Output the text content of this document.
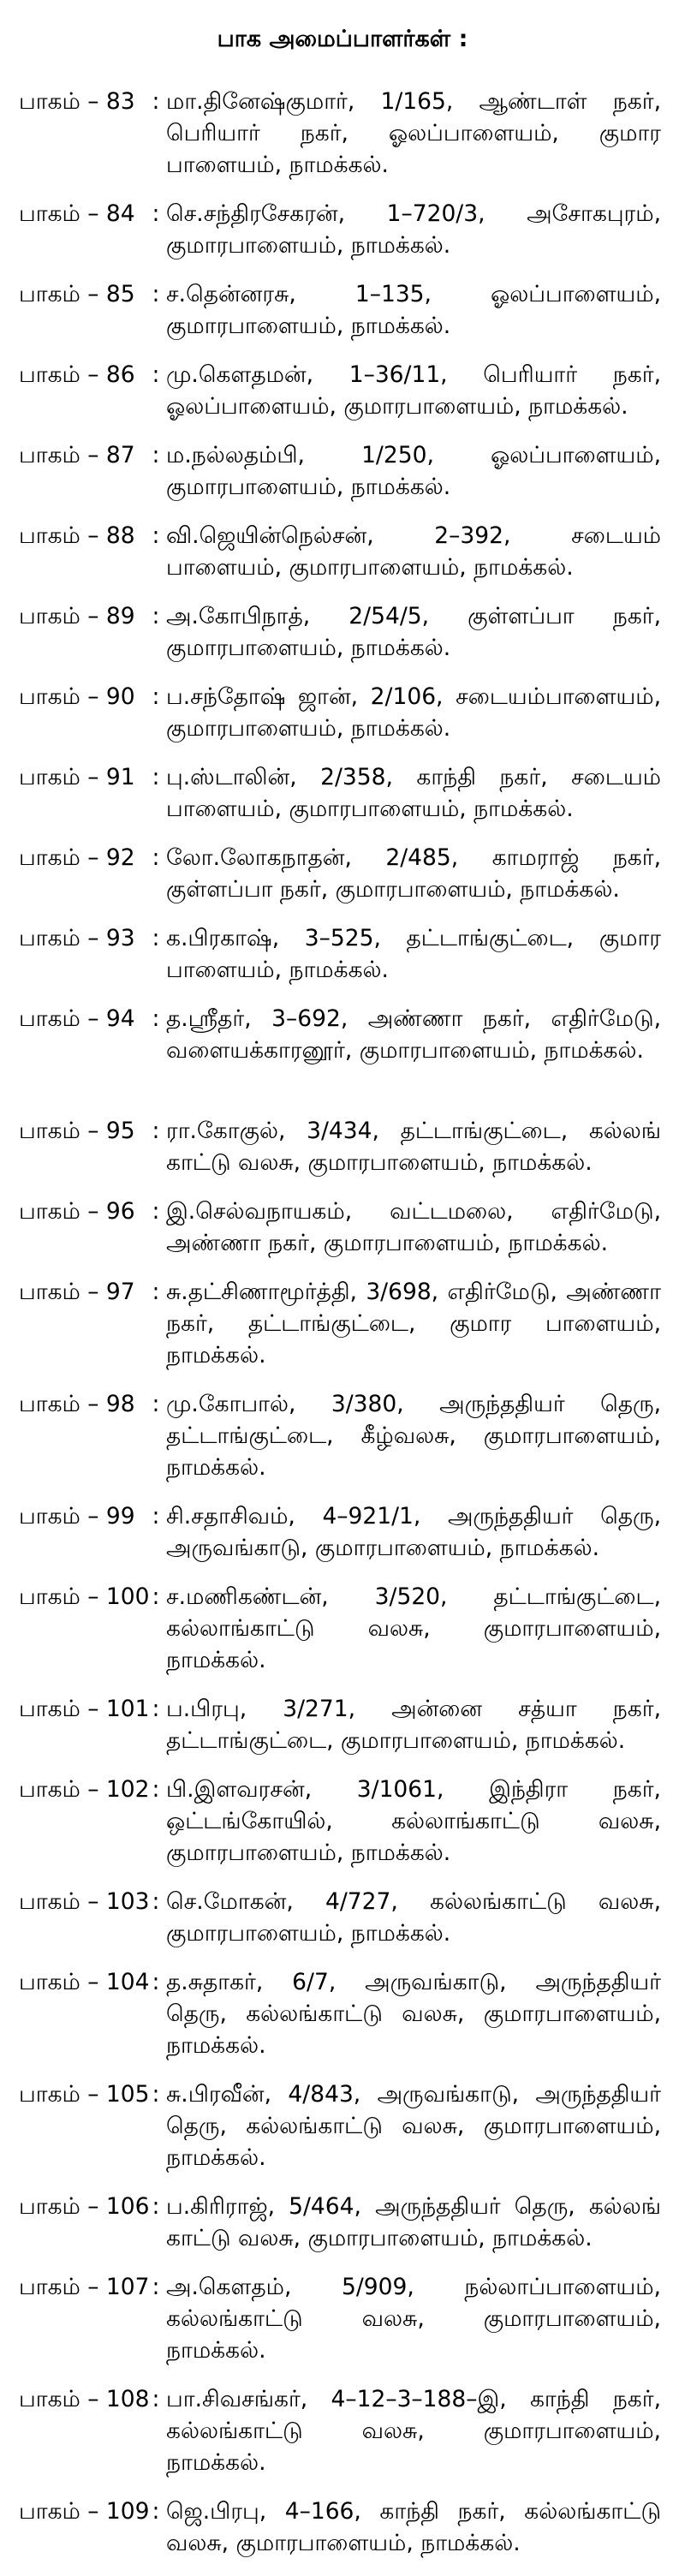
பாக அமைப்பாளர்கள் :
பாகம் – 83 : மா.தினேஷ்குமார், 1/165, ஆண்டாள் நகர், பெரியார் நகர், ஓலப்பாளையம், குமார பாளையம், நாமக்கல்.
பாகம் – 84 : செ.சந்திரசேகரன், 1–720/3, அசோகபுரம், குமாரபாளையம், நாமக்கல்.
பாகம் – 85 : ச.தென்னரசு, 1–135, ஓலப்பாளையம், குமாரபாளையம், நாமக்கல்.
பாகம் – 86 : மு.கௌதமன், 1–36/11, பெரியார் நகர், ஓலப்பாளையம், குமாரபாளையம், நாமக்கல்.
பாகம் – 87 : ம.நல்லதம்பி, 1/250, ஓலப்பாளையம், குமாரபாளையம், நாமக்கல்.
பாகம் – 88 : வி.ஜெயின்நெல்சன், 2–392, சடையம் பாளையம், குமாரபாளையம், நாமக்கல்.
பாகம் – 89 : அ.கோபிநாத், 2/54/5, குள்ளப்பா நகர், குமாரபாளையம், நாமக்கல்.
பாகம் – 90 : ப.சந்தோஷ் ஜான், 2/106, சடையம்பாளையம், குமாரபாளையம், நாமக்கல்.
பாகம் – 91 : பு.ஸ்டாலின், 2/358, காந்தி நகர், சடையம் பாளையம், குமாரபாளையம், நாமக்கல்.
பாகம் – 92 : லோ.லோகநாதன், 2/485, காமராஜ் நகர், குள்ளப்பா நகர், குமாரபாளையம், நாமக்கல்.
பாகம் – 93 : க.பிரகாஷ், 3–525, தட்டாங்குட்டை, குமார பாளையம், நாமக்கல்.
பாகம் – 94 : த.ஸ்ரீதர், 3–692, அண்ணா நகர், எதிர்மேடு, வளையக்காரனூர், குமாரபாளையம், நாமக்கல்.
பாகம் – 95 : ரா.கோகுல், 3/434, தட்டாங்குட்டை, கல்லங் காட்டு வலசு, குமாரபாளையம், நாமக்கல்.
பாகம் – 96 : இ.செல்வநாயகம், வட்டமலை, எதிர்மேடு, அண்ணா நகர், குமாரபாளையம், நாமக்கல்.
பாகம் – 97 : சு.தட்சிணாமூர்த்தி, 3/698, எதிர்மேடு, அண்ணா நகர், தட்டாங்குட்டை, குமார பாளையம், நாமக்கல்.
பாகம் – 98 : மு.கோபால், 3/380, அருந்ததியர் தெரு, தட்டாங்குட்டை, கீழ்வலசு, குமாரபாளையம், நாமக்கல்.
பாகம் – 99 : சி.சதாசிவம், 4–921/1, அருந்ததியர் தெரு, அருவங்காடு, குமாரபாளையம், நாமக்கல்.
பாகம் – 100 : ச.மணிகண்டன், 3/520, தட்டாங்குட்டை, கல்லாங்காட்டு வலசு, குமாரபாளையம், நாமக்கல்.
பாகம் – 101 : ப.பிரபு, 3/271, அன்னை சத்யா நகர், தட்டாங்குட்டை, குமாரபாளையம், நாமக்கல்.
பாகம் – 102 : பி.இளவரசன், 3/1061, இந்திரா நகர், ஒட்டங்கோயில், கல்லாங்காட்டு வலசு, குமாரபாளையம், நாமக்கல்.
பாகம் – 103 : செ.மோகன், 4/727, கல்லங்காட்டு வலசு, குமாரபாளையம், நாமக்கல்.
பாகம் – 104 : த.சுதாகர், 6/7, அருவங்காடு, அருந்ததியர் தெரு, கல்லங்காட்டு வலசு, குமாரபாளையம், நாமக்கல்.
பாகம் – 105 : சு.பிரவீன், 4/843, அருவங்காடு, அருந்ததியர் தெரு, கல்லங்காட்டு வலசு, குமாரபாளையம், நாமக்கல்.
பாகம் – 106 : ப.கிரிராஜ், 5/464, அருந்ததியர் தெரு, கல்லங் காட்டு வலசு, குமாரபாளையம், நாமக்கல்.
பாகம் – 107 : அ.கௌதம், 5/909, நல்லாப்பாளையம், கல்லங்காட்டு வலசு, குமாரபாளையம், நாமக்கல்.
பாகம் – 108 : பா.சிவசங்கர், 4–12–3–188–இ, காந்தி நகர், கல்லங்காட்டு வலசு, குமாரபாளையம், நாமக்கல்.
பாகம் – 109 : ஜெ.பிரபு, 4–166, காந்தி நகர், கல்லங்காட்டு வலசு, குமாரபாளையம், நாமக்கல்.
